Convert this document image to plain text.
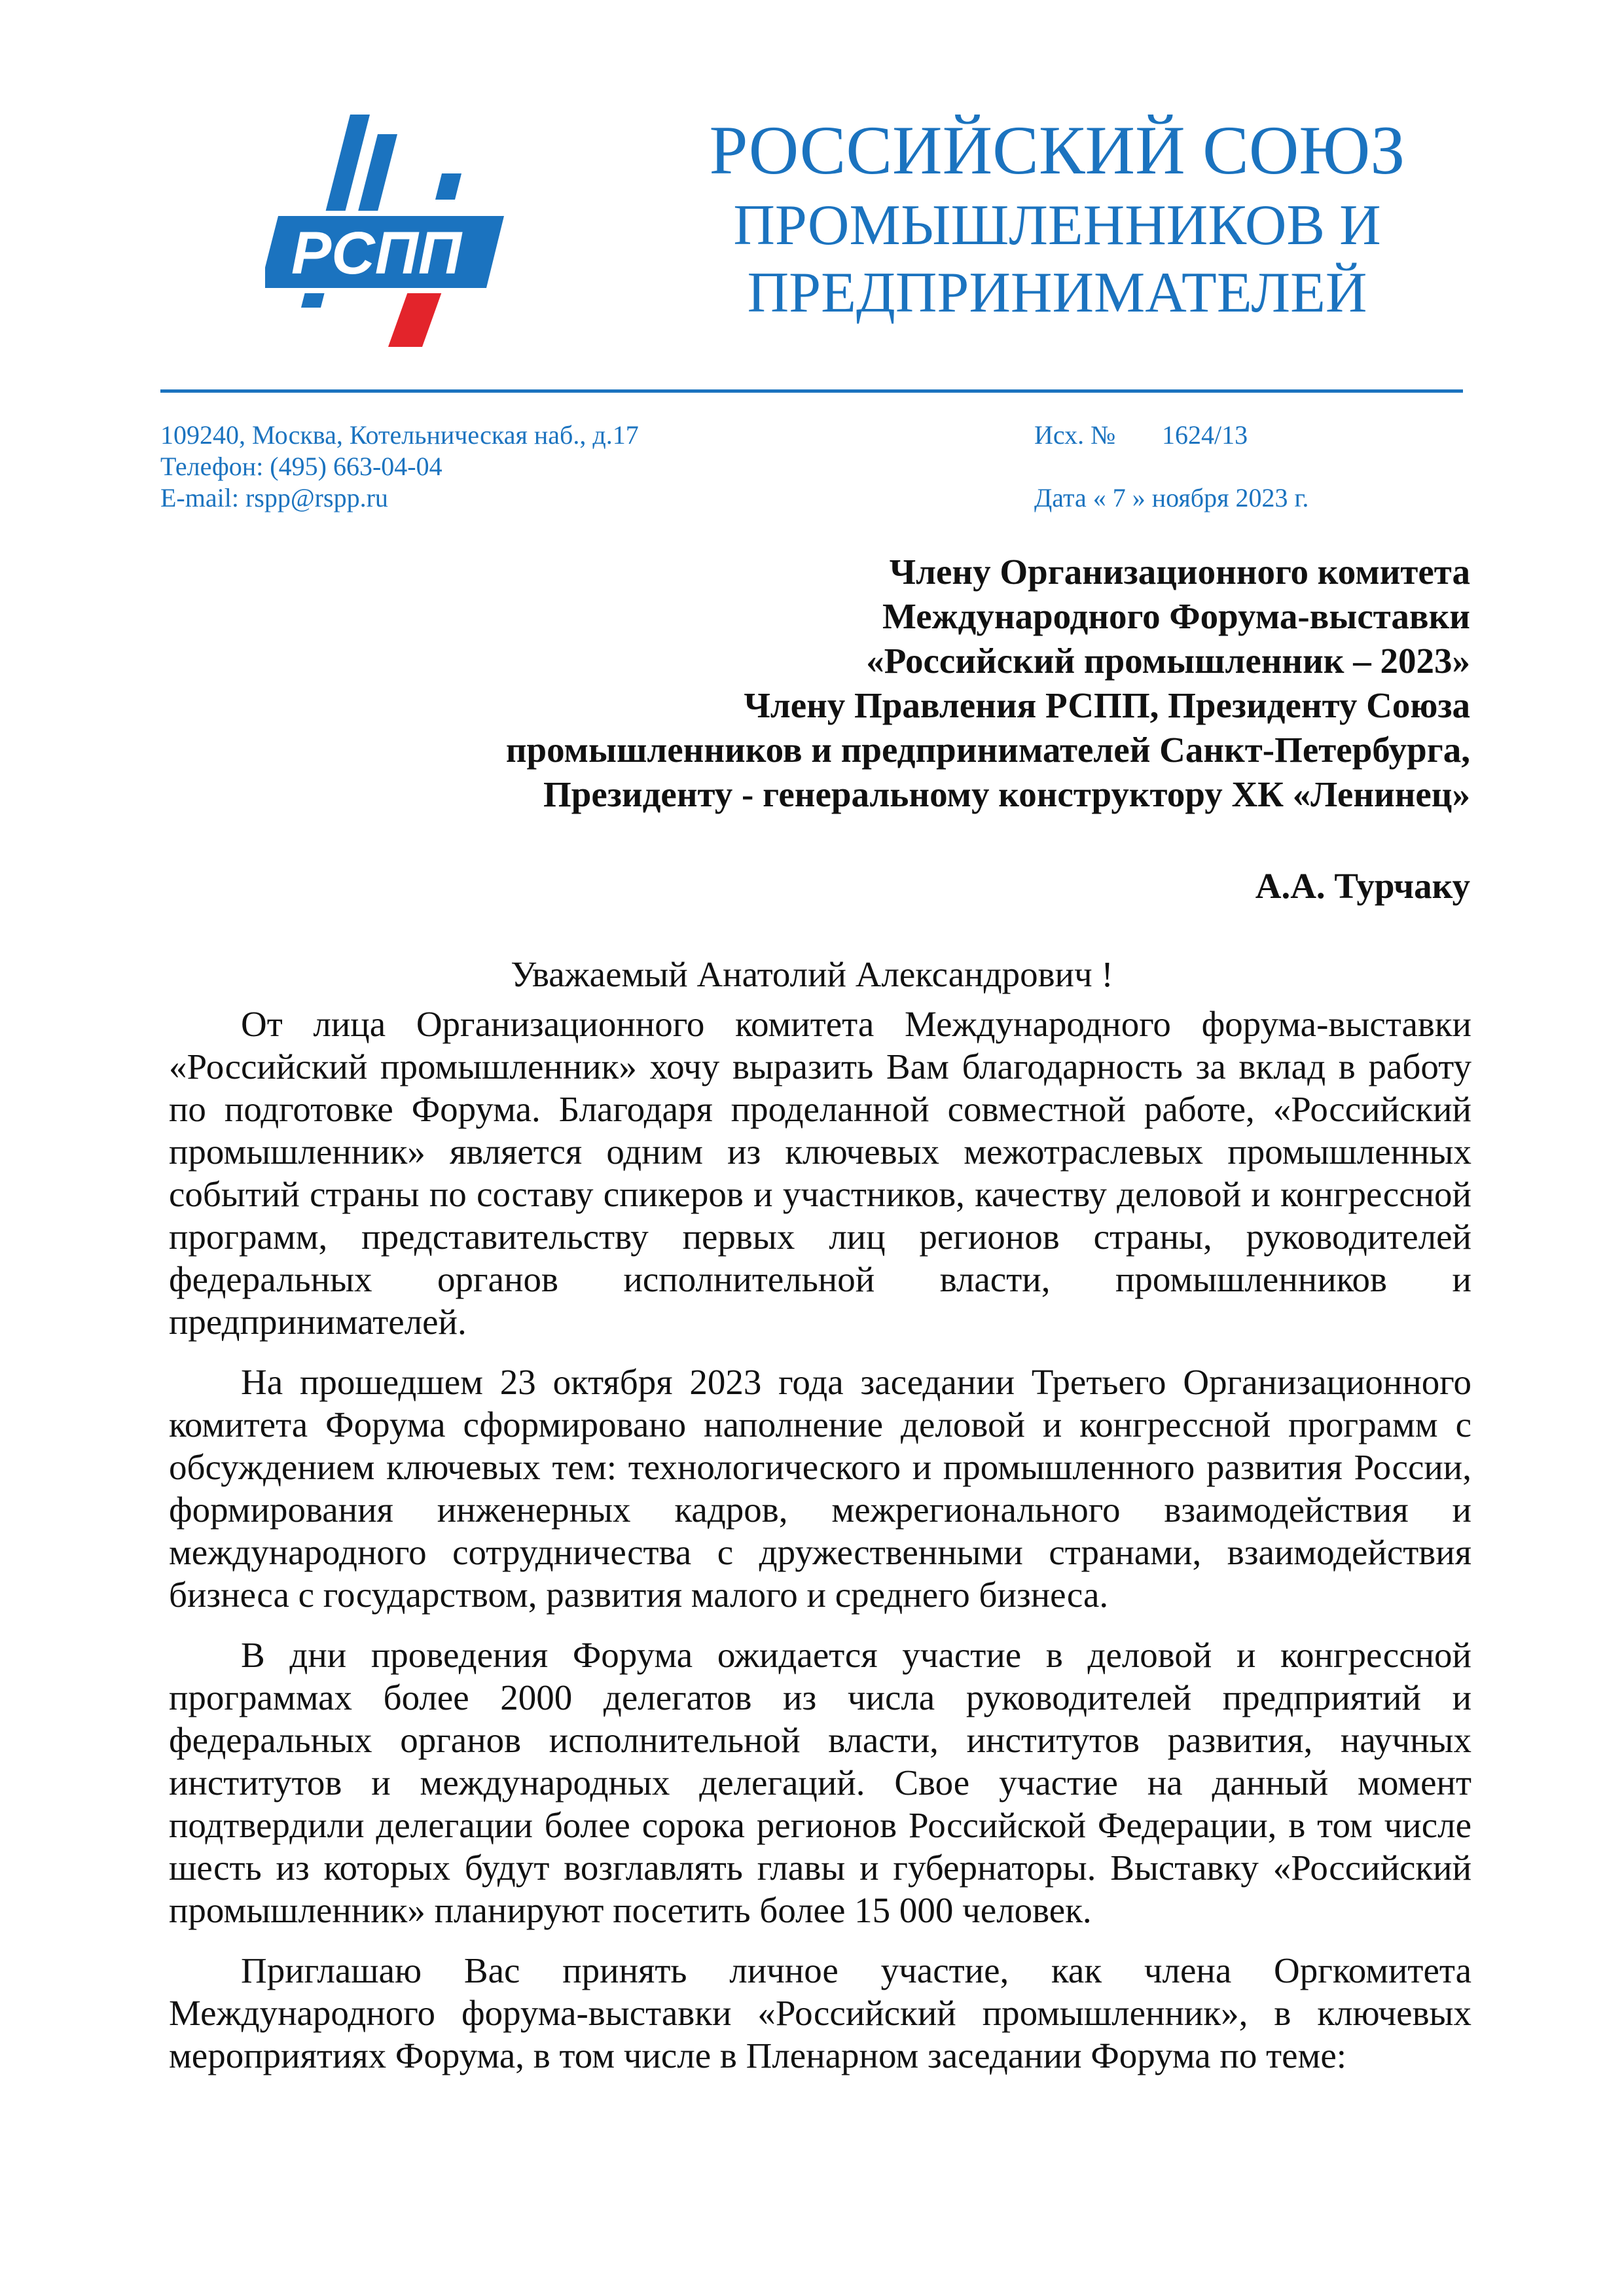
РСПП
РОССИЙСКИЙ СОЮЗ
ПРОМЫШЛЕННИКОВ И
ПРЕДПРИНИМАТЕЛЕЙ
109240, Москва, Котельническая наб., д.17
Телефон: (495) 663-04-04
E-mail: rspp@rspp.ru
Исх. № 1624/13
Дата « 7 » ноября 2023 г.
Члену Организационного комитета
Международного Форума-выставки
«Российский промышленник – 2023»
Члену Правления РСПП, Президенту Союза
промышленников и предпринимателей Санкт-Петербурга,
Президенту - генеральному конструктору ХК «Ленинец»
А.А. Турчаку
Уважаемый Анатолий Александрович !

От лица Организационного комитета Международного форума-выставки «Российский промышленник» хочу выразить Вам благодарность за вклад в работу по подготовке Форума. Благодаря проделанной совместной работе, «Российский промышленник» является одним из ключевых межотраслевых промышленных событий страны по составу спикеров и участников, качеству деловой и конгрессной программ, представительству первых лиц регионов страны, руководителей федеральных органов исполнительной власти, промышленников и предпринимателей.

На прошедшем 23 октября 2023 года заседании Третьего Организационного комитета Форума сформировано наполнение деловой и конгрессной программ с обсуждением ключевых тем: технологического и промышленного развития России, формирования инженерных кадров, межрегионального взаимодействия и международного сотрудничества с дружественными странами, взаимодействия бизнеса с государством, развития малого и среднего бизнеса.

В дни проведения Форума ожидается участие в деловой и конгрессной программах более 2000 делегатов из числа руководителей предприятий и федеральных органов исполнительной власти, институтов развития, научных институтов и международных делегаций. Свое участие на данный момент подтвердили делегации более сорока регионов Российской Федерации, в том числе шесть из которых будут возглавлять главы и губернаторы. Выставку «Российский промышленник» планируют посетить более 15 000 человек.

Приглашаю Вас принять личное участие, как члена Оргкомитета Международного форума-выставки «Российский промышленник», в ключевых мероприятиях Форума, в том числе в Пленарном заседании Форума по теме:
